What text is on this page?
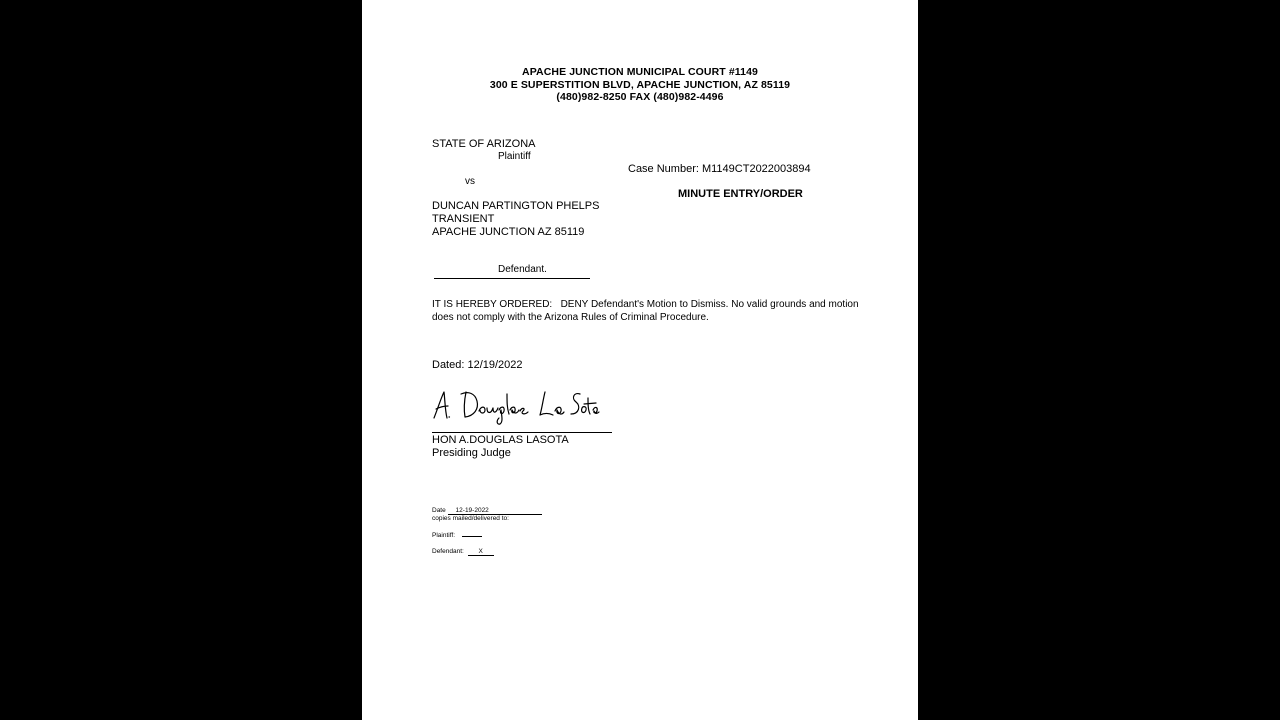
APACHE JUNCTION MUNICIPAL COURT #1149
300 E SUPERSTITION BLVD, APACHE JUNCTION, AZ 85119
(480)982-8250 FAX (480)982-4496
STATE OF ARIZONA
Plaintiff
vs
DUNCAN PARTINGTON PHELPS
TRANSIENT
APACHE JUNCTION AZ 85119
Defendant.
Case Number: M1149CT2022003894
MINUTE ENTRY/ORDER
IT IS HEREBY ORDERED: DENY Defendant's Motion to Dismiss. No valid grounds and motion does not comply with the Arizona Rules of Criminal Procedure.
Dated: 12/19/2022
HON A.DOUGLAS LASOTA
Presiding Judge
Date 12-19-2022
copies mailed/delivered to:
Plaintiff:
Defendant: X
